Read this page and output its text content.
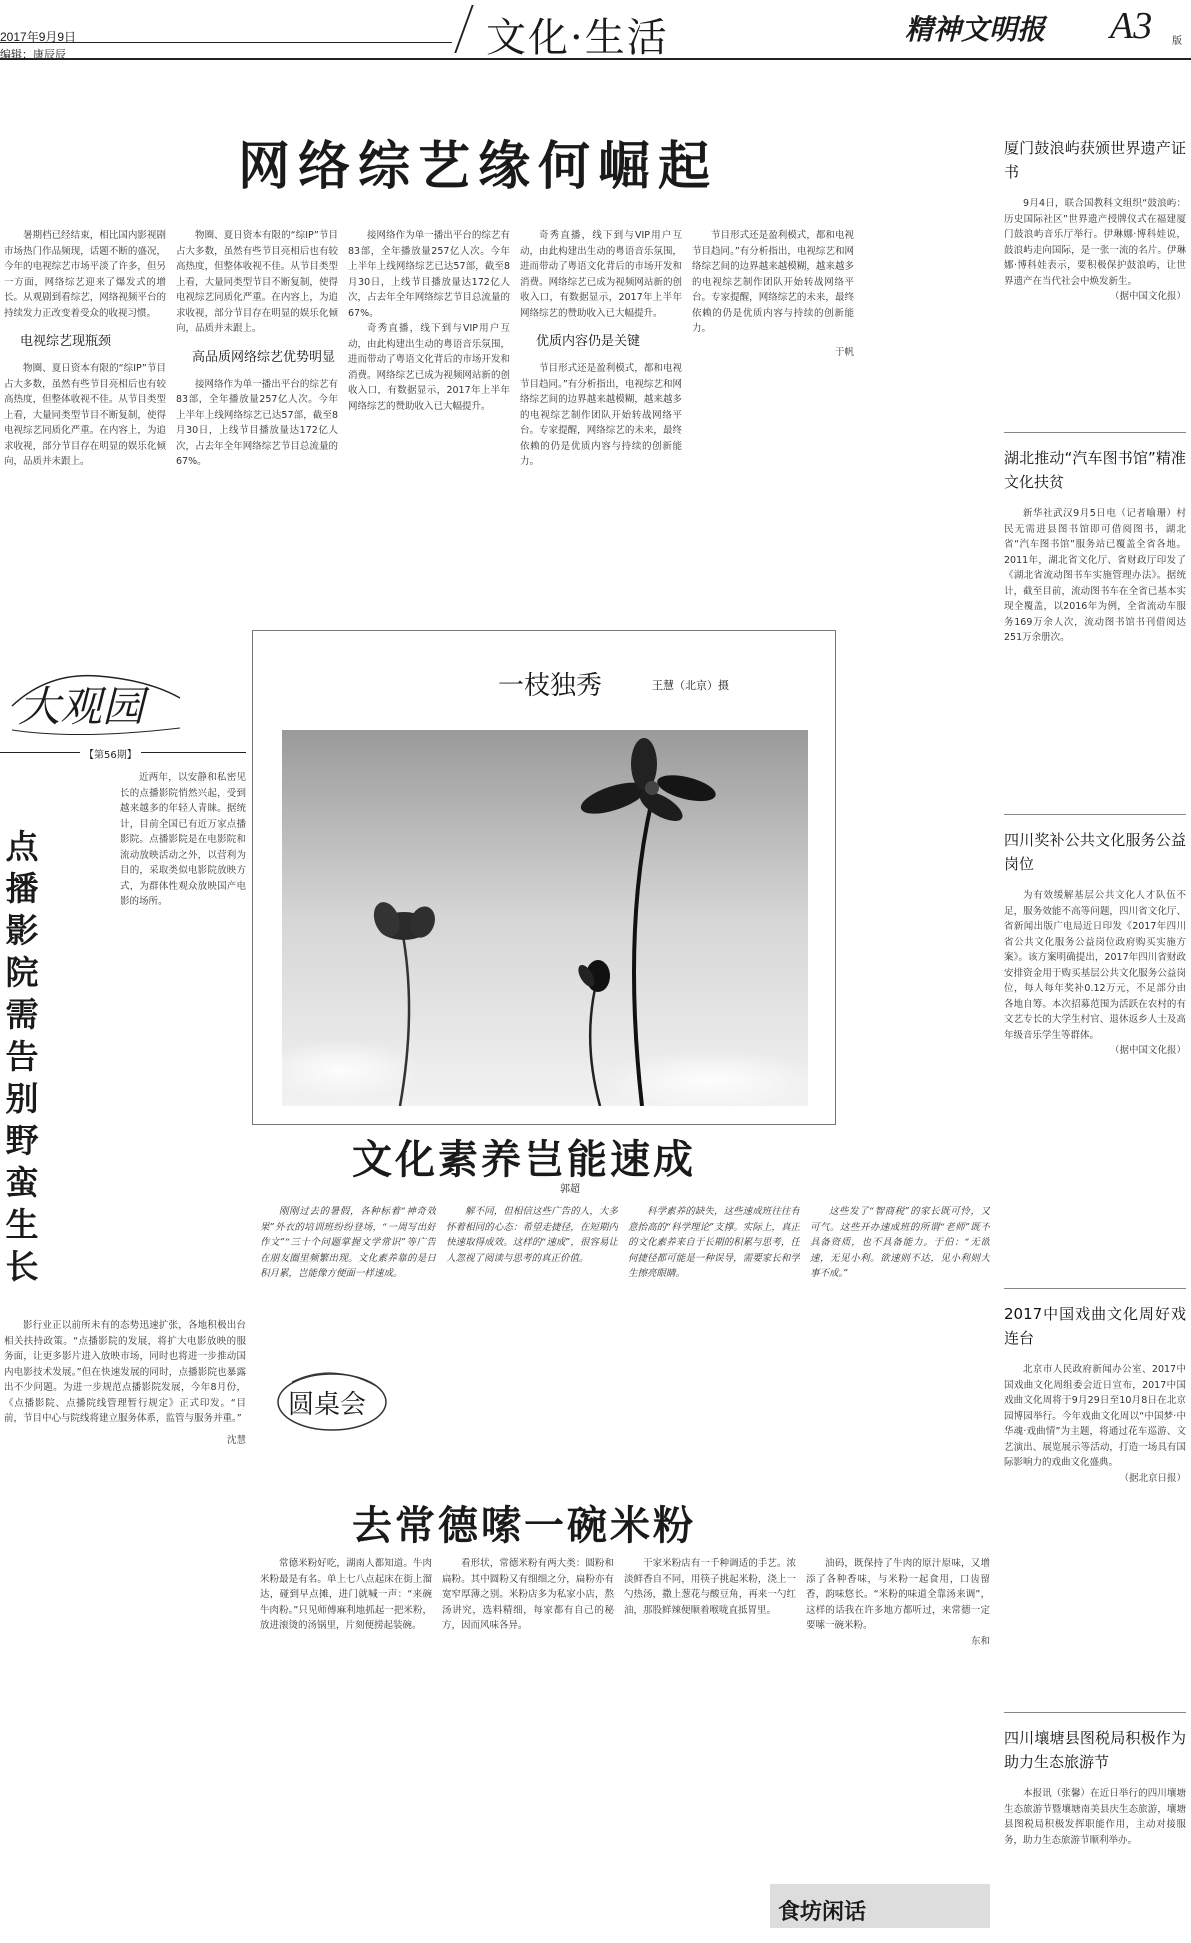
2017年9月9日
编辑：康辰辰	文化·生活	精神文明报 A3 版
网络综艺缘何崛起

暑期档已经结束，相比国内影视剧市场热门作品频现，话题不断的盛况，今年的电视综艺市场平淡了许多，但另一方面，网络综艺迎来了爆发式的增长。从观剧到看综艺，网络视频平台的持续发力正改变着受众的收视习惯。

电视综艺现瓶颈

物圈、夏日资本有限的“综IP”节目占大多数，虽然有些节目亮相后也有较高热度，但整体收视不佳。从节目类型上看，大量同类型节目不断复制，使得电视综艺同质化严重。在内容上，为追求收视，部分节目存在明显的娱乐化倾向，品质并未跟上。

物圈、夏日资本有限的“综IP”节目占大多数，虽然有些节目亮相后也有较高热度，但整体收视不佳。从节目类型上看，大量同类型节目不断复制，使得电视综艺同质化严重。在内容上，为追求收视，部分节目存在明显的娱乐化倾向，品质并未跟上。

高品质网络综艺优势明显

接网络作为单一播出平台的综艺有83部，全年播放量257亿人次。今年上半年上线网络综艺已达57部，截至8月30日，上线节目播放量达172亿人次，占去年全年网络综艺节目总流量的67%。

接网络作为单一播出平台的综艺有83部，全年播放量257亿人次。今年上半年上线网络综艺已达57部，截至8月30日，上线节目播放量达172亿人次，占去年全年网络综艺节目总流量的67%。

奇秀直播，线下到与VIP用户互动，由此构建出生动的粤语音乐氛围，进而带动了粤语文化背后的市场开发和消费。网络综艺已成为视频网站新的创收入口，有数据显示，2017年上半年网络综艺的赞助收入已大幅提升。

奇秀直播，线下到与VIP用户互动，由此构建出生动的粤语音乐氛围，进而带动了粤语文化背后的市场开发和消费。网络综艺已成为视频网站新的创收入口，有数据显示，2017年上半年网络综艺的赞助收入已大幅提升。

优质内容仍是关键

节目形式还是盈利模式，都和电视节目趋同。”有分析指出，电视综艺和网络综艺间的边界越来越模糊，越来越多的电视综艺制作团队开始转战网络平台。专家提醒，网络综艺的未来，最终依赖的仍是优质内容与持续的创新能力。

节目形式还是盈利模式，都和电视节目趋同。”有分析指出，电视综艺和网络综艺间的边界越来越模糊，越来越多的电视综艺制作团队开始转战网络平台。专家提醒，网络综艺的未来，最终依赖的仍是优质内容与持续的创新能力。

于帆

大观园
【第56期】
点播影院需告别野蛮生长

近两年，以安静和私密见长的点播影院悄然兴起，受到越来越多的年轻人青睐。据统计，目前全国已有近万家点播影院。点播影院是在电影院和流动放映活动之外，以营利为目的，采取类似电影院放映方式，为群体性观众放映国产电影的场所。

影行业正以前所未有的态势迅速扩张，各地积极出台相关扶持政策。“点播影院的发展，将扩大电影放映的服务面，让更多影片进入放映市场，同时也将进一步推动国内电影技术发展。”但在快速发展的同时，点播影院也暴露出不少问题。为进一步规范点播影院发展，今年8月份，《点播影院、点播院线管理暂行规定》正式印发。“目前，节目中心与院线将建立服务体系，监管与服务并重。”

沈慧

一枝独秀	王慧（北京）摄
文化素养岂能速成
郭超

刚刚过去的暑假，各种标着“神奇效果”外衣的培训班纷纷登场，“一周写出好作文”“三十个问题掌握文学常识”等广告在朋友圈里频繁出现。文化素养靠的是日积月累，岂能像方便面一样速成。

圆桌会

解不同，但相信这些广告的人，大多怀着相同的心态：希望走捷径，在短期内快速取得成效。这样的“速成”，很容易让人忽视了阅读与思考的真正价值。

科学素养的缺失，这些速成班往往有意抬高的“科学理论”支撑。实际上，真正的文化素养来自于长期的积累与思考，任何捷径都可能是一种误导，需要家长和学生擦亮眼睛。

这些发了“智商税”的家长既可怜，又可气。这些开办速成班的所谓“老师”既不具备资质，也不具备能力。于伯：“无欲速，无见小利。欲速则不达，见小利则大事不成。”

去常德嗦一碗米粉

常德米粉好吃，湖南人都知道。牛肉米粉最是有名。单上七八点起床在街上溜达，碰到早点摊，进门就喊一声：“来碗牛肉粉。”只见师傅麻利地抓起一把米粉，放进滚烫的汤锅里，片刻便捞起装碗。

看形状，常德米粉有两大类：圆粉和扁粉。其中圆粉又有细细之分，扁粉亦有宽窄厚薄之别。米粉店多为私家小店，熬汤讲究，选料精细，每家都有自己的秘方，因而风味各异。

干家米粉店有一千种调适的手艺。浓淡鲜香自不同，用筷子挑起米粉，浇上一勺热汤，撒上葱花与酸豆角，再来一勺红油，那股鲜辣便顺着喉咙直抵胃里。

油码，既保持了牛肉的原汁原味，又增添了各种香味，与米粉一起食用，口齿留香，韵味悠长。“米粉的味道全靠汤来调”，这样的话我在许多地方都听过，来常德一定要嗦一碗米粉。

东和

食坊闲话
厦门鼓浪屿获颁世界遗产证书

9月4日，联合国教科文组织“鼓浪屿：历史国际社区”世界遗产授牌仪式在福建厦门鼓浪屿音乐厅举行。伊琳娜·博科娃说，鼓浪屿走向国际，是一张一流的名片。伊琳娜·博科娃表示，要积极保护鼓浪屿，让世界遗产在当代社会中焕发新生。

（据中国文化报）

湖北推动“汽车图书馆”精准文化扶贫

新华社武汉9月5日电（记者喻珊）村民无需进县图书馆即可借阅图书，湖北省“汽车图书馆”服务站已覆盖全省各地。2011年，湖北省文化厅、省财政厅印发了《湖北省流动图书车实施管理办法》。据统计，截至目前，流动图书车在全省已基本实现全覆盖，以2016年为例，全省流动车服务169万余人次，流动图书馆书刊借阅达251万余册次。

四川奖补公共文化服务公益岗位

为有效缓解基层公共文化人才队伍不足，服务效能不高等问题，四川省文化厅、省新闻出版广电局近日印发《2017年四川省公共文化服务公益岗位政府购买实施方案》。该方案明确提出，2017年四川省财政安排资金用于购买基层公共文化服务公益岗位，每人每年奖补0.12万元，不足部分由各地自筹。本次招募范围为活跃在农村的有文艺专长的大学生村官、退休返乡人士及高年级音乐学生等群体。

（据中国文化报）

2017中国戏曲文化周好戏连台

北京市人民政府新闻办公室、2017中国戏曲文化周组委会近日宣布，2017中国戏曲文化周将于9月29日至10月8日在北京园博园举行。今年戏曲文化周以“中国梦·中华魂·戏曲情”为主题，将通过花车巡游、文艺演出、展览展示等活动，打造一场具有国际影响力的戏曲文化盛典。

（据北京日报）

四川壤塘县图税局积极作为助力生态旅游节

本报讯（张馨）在近日举行的四川壤塘生态旅游节暨壤塘南美县庆生态旅游，壤塘县图税局积极发挥职能作用，主动对接服务，助力生态旅游节顺利举办。
